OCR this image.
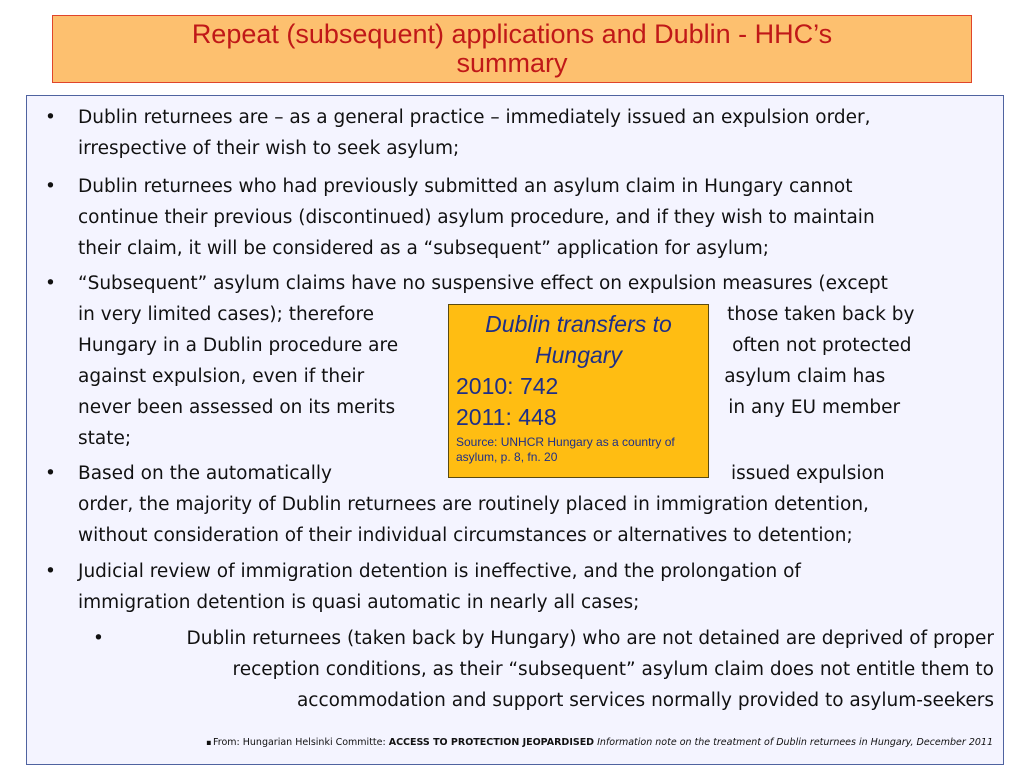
Repeat (subsequent) applications and Dublin - HHC’s
summary
• Dublin returnees are – as a general practice – immediately issued an expulsion order,
irrespective of their wish to seek asylum;
• Dublin returnees who had previously submitted an asylum claim in Hungary cannot
continue their previous (discontinued) asylum procedure, and if they wish to maintain
their claim, it will be considered as a “subsequent” application for asylum;
• “Subsequent” asylum claims have no suspensive effect on expulsion measures (except
in very limited cases); therefore	those taken back by
Hungary in a Dublin procedure are	often not protected
against expulsion, even if their	asylum claim has
never been assessed on its merits	in any EU member
state;
• Based on the automatically	issued expulsion
order, the majority of Dublin returnees are routinely placed in immigration detention,
without consideration of their individual circumstances or alternatives to detention;
• Judicial review of immigration detention is ineffective, and the prolongation of
immigration detention is quasi automatic in nearly all cases;
• Dublin returnees (taken back by Hungary) who are not detained are deprived of proper
reception conditions, as their “subsequent” asylum claim does not entitle them to
accommodation and support services normally provided to asylum-seekers
Dublin transfers to Hungary
2010: 742
2011: 448
Source: UNHCR Hungary as a country of asylum, p. 8, fn. 20
.From: Hungarian Helsinki Committe: ACCESS TO PROTECTION JEOPARDISED Information note on the treatment of Dublin returnees in Hungary, December 2011
